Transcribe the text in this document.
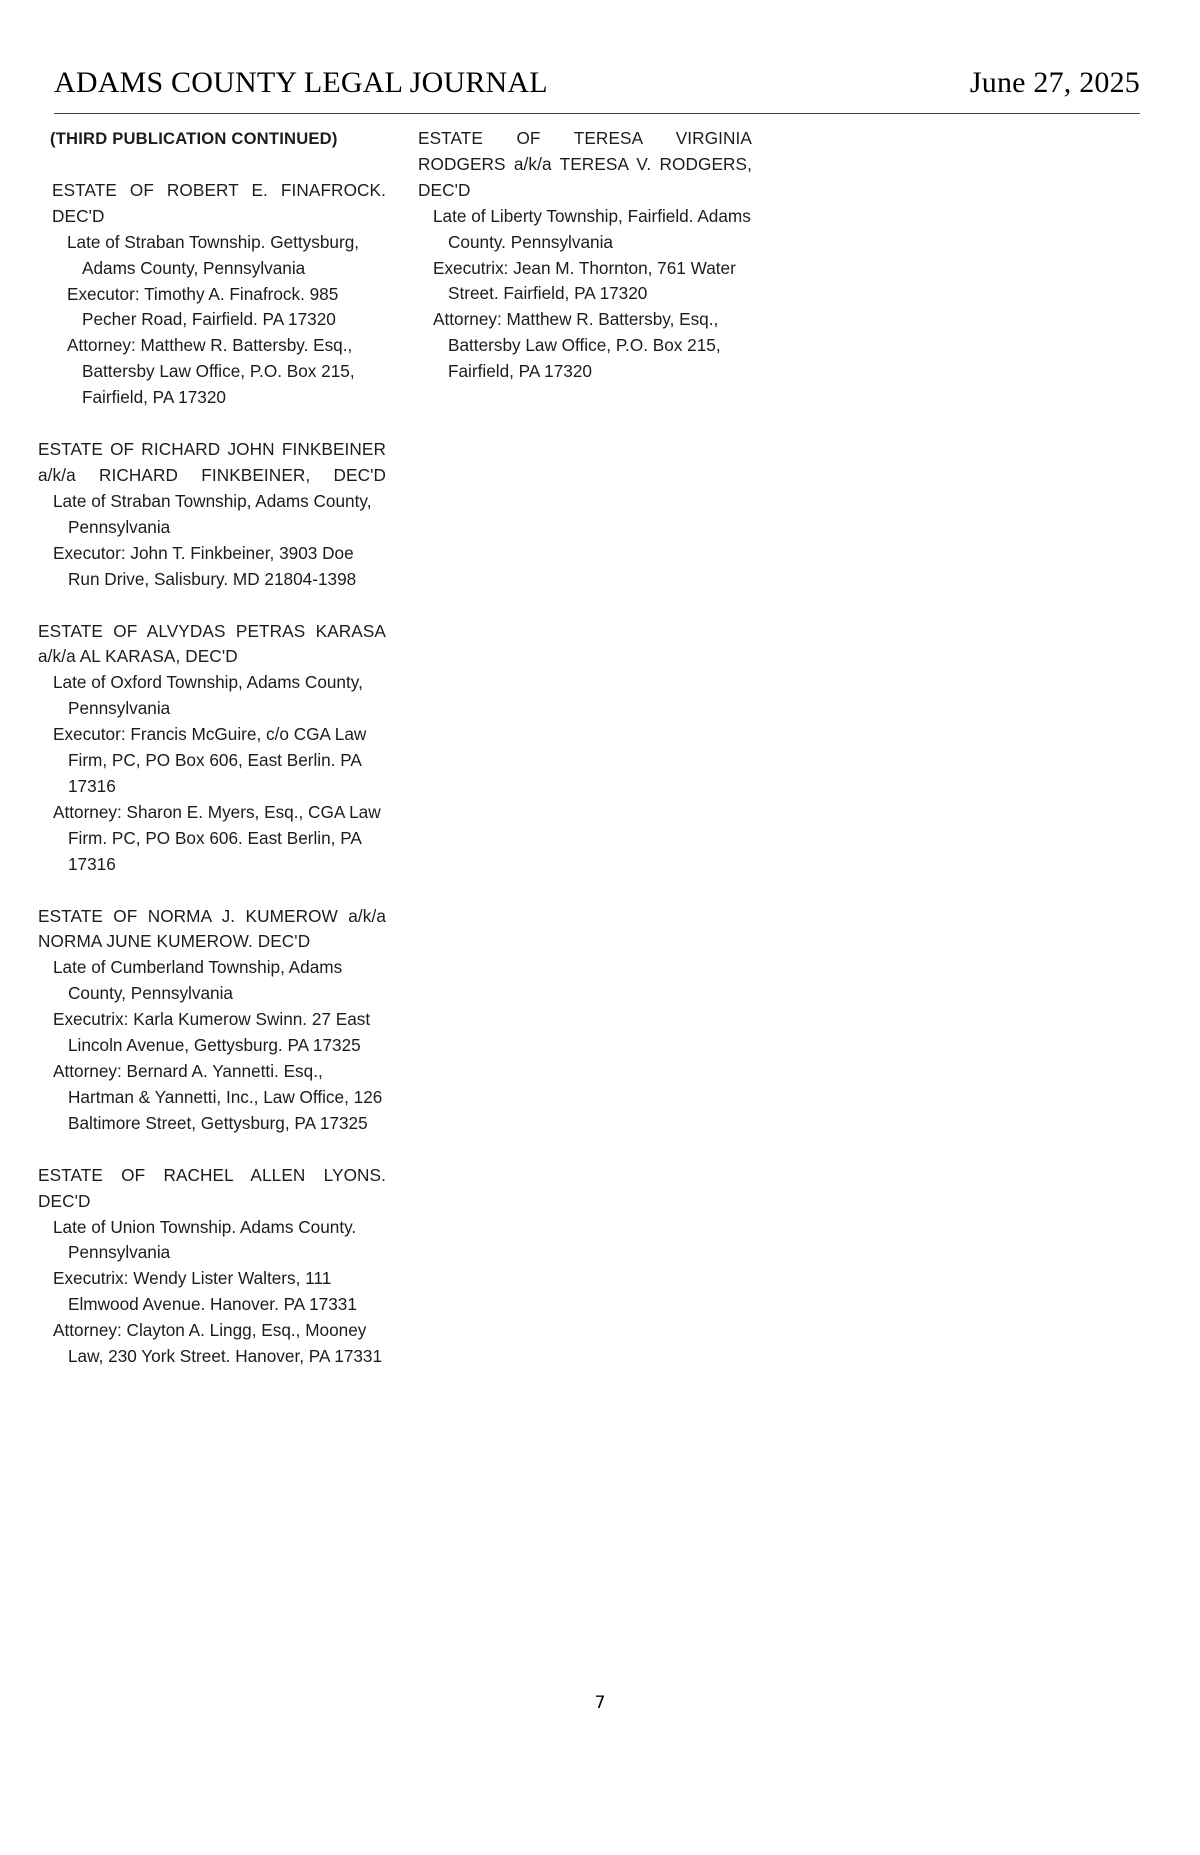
ADAMS COUNTY LEGAL JOURNAL	June 27, 2025
(THIRD PUBLICATION CONTINUED)
ESTATE OF ROBERT E. FINAFROCK. DEC'D
Late of Straban Township. Gettysburg, Adams County, Pennsylvania
Executor: Timothy A. Finafrock. 985 Pecher Road, Fairfield. PA 17320
Attorney: Matthew R. Battersby. Esq., Battersby Law Office, P.O. Box 215, Fairfield, PA 17320
ESTATE OF RICHARD JOHN FINKBEINER a/k/a RICHARD FINKBEINER, DEC'D
Late of Straban Township, Adams County, Pennsylvania
Executor: John T. Finkbeiner, 3903 Doe Run Drive, Salisbury. MD 21804-1398
ESTATE OF ALVYDAS PETRAS KARASA a/k/a AL KARASA, DEC'D
Late of Oxford Township, Adams County, Pennsylvania
Executor: Francis McGuire, c/o CGA Law Firm, PC, PO Box 606, East Berlin. PA 17316
Attorney: Sharon E. Myers, Esq., CGA Law Firm. PC, PO Box 606. East Berlin, PA 17316
ESTATE OF NORMA J. KUMEROW a/k/a NORMA JUNE KUMEROW. DEC'D
Late of Cumberland Township, Adams County, Pennsylvania
Executrix: Karla Kumerow Swinn. 27 East Lincoln Avenue, Gettysburg. PA 17325
Attorney: Bernard A. Yannetti. Esq., Hartman & Yannetti, Inc., Law Office, 126 Baltimore Street, Gettysburg, PA 17325
ESTATE OF RACHEL ALLEN LYONS. DEC'D
Late of Union Township. Adams County. Pennsylvania
Executrix: Wendy Lister Walters, 111 Elmwood Avenue. Hanover. PA 17331
Attorney: Clayton A. Lingg, Esq., Mooney Law, 230 York Street. Hanover, PA 17331
ESTATE OF TERESA VIRGINIA RODGERS a/k/a TERESA V. RODGERS, DEC'D
Late of Liberty Township, Fairfield. Adams County. Pennsylvania
Executrix: Jean M. Thornton, 761 Water Street. Fairfield, PA 17320
Attorney: Matthew R. Battersby, Esq., Battersby Law Office, P.O. Box 215, Fairfield, PA 17320
7
